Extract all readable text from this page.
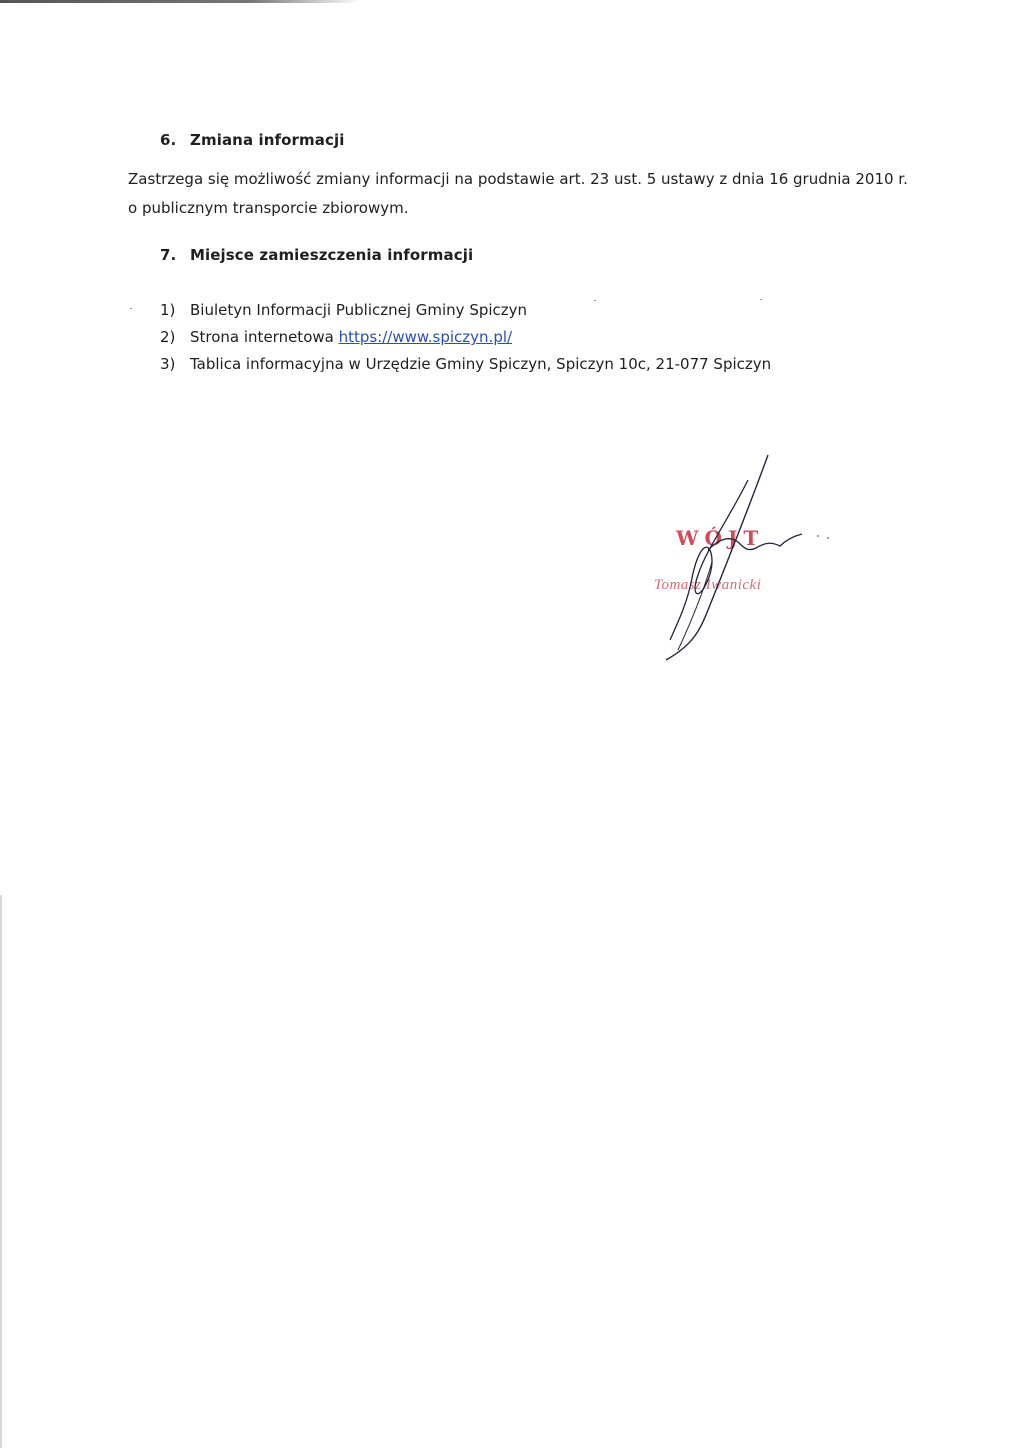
6. Zmiana informacji
Zastrzega się możliwość zmiany informacji na podstawie art. 23 ust. 5 ustawy z dnia 16 grudnia 2010 r. o publicznym transporcie zbiorowym.
7. Miejsce zamieszczenia informacji
1) Biuletyn Informacji Publicznej Gminy Spiczyn
2) Strona internetowa https://www.spiczyn.pl/
3) Tablica informacyjna w Urzędzie Gminy Spiczyn, Spiczyn 10c, 21-077 Spiczyn
WÓJT
Tomasz Iwanicki
